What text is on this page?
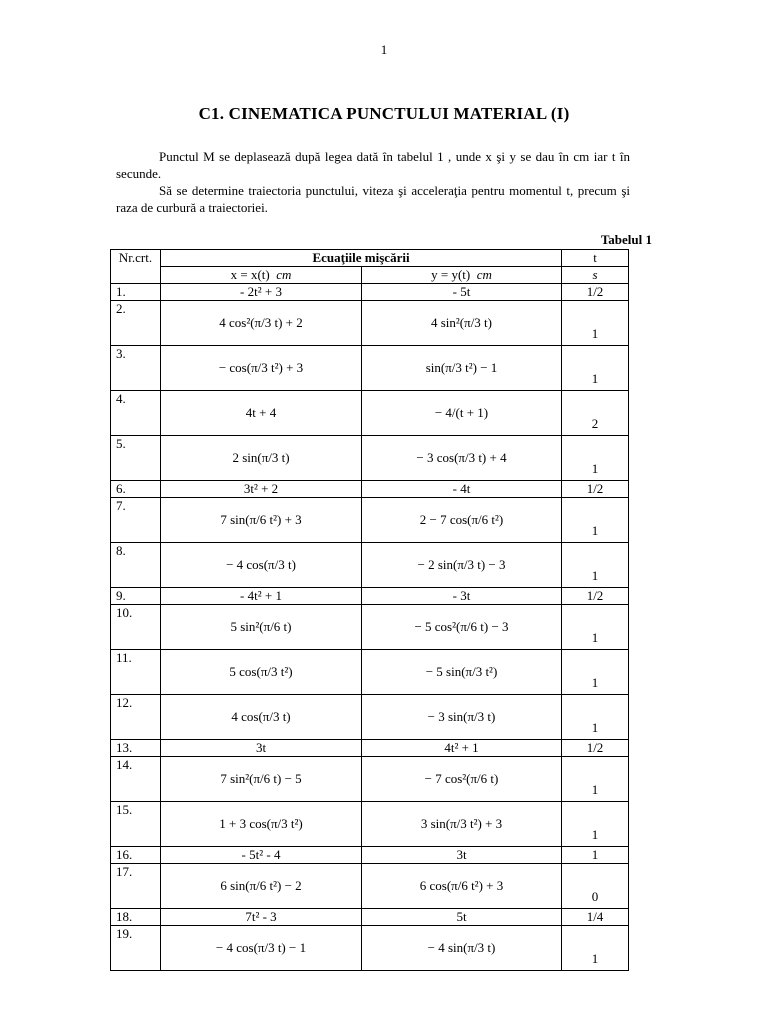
1
C1. CINEMATICA PUNCTULUI MATERIAL (I)
Punctul M se deplasează după legea dată în tabelul 1 , unde x şi y se dau în cm iar t în secunde.
Să se determine traiectoria punctului, viteza şi acceleraţia pentru momentul t, precum şi raza de curbură a traiectoriei.
Tabelul 1
Nr.crt.	Ecuaţiile mişcării		t
	x = x(t) cm	y = y(t) cm	s
1.	- 2t² + 3	- 5t	1/2
2.	4 cos²(π/3 t) + 2	4 sin²(π/3 t)	1
3.	− cos(π/3 t²) + 3	sin(π/3 t²) − 1	1
4.	4t + 4	− 4/(t + 1)	2
5.	2 sin(π/3 t)	− 3 cos(π/3 t) + 4	1
6.	3t² + 2	- 4t	1/2
7.	7 sin(π/6 t²) + 3	2 − 7 cos(π/6 t²)	1
8.	− 4 cos(π/3 t)	− 2 sin(π/3 t) − 3	1
9.	- 4t² + 1	- 3t	1/2
10.	5 sin²(π/6 t)	− 5 cos²(π/6 t) − 3	1
11.	5 cos(π/3 t²)	− 5 sin(π/3 t²)	1
12.	4 cos(π/3 t)	− 3 sin(π/3 t)	1
13.	3t	4t² + 1	1/2
14.	7 sin²(π/6 t) − 5	− 7 cos²(π/6 t)	1
15.	1 + 3 cos(π/3 t²)	3 sin(π/3 t²) + 3	1
16.	- 5t² - 4	3t	1
17.	6 sin(π/6 t²) − 2	6 cos(π/6 t²) + 3	0
18.	7t² - 3	5t	1/4
19.	− 4 cos(π/3 t) − 1	− 4 sin(π/3 t)	1
